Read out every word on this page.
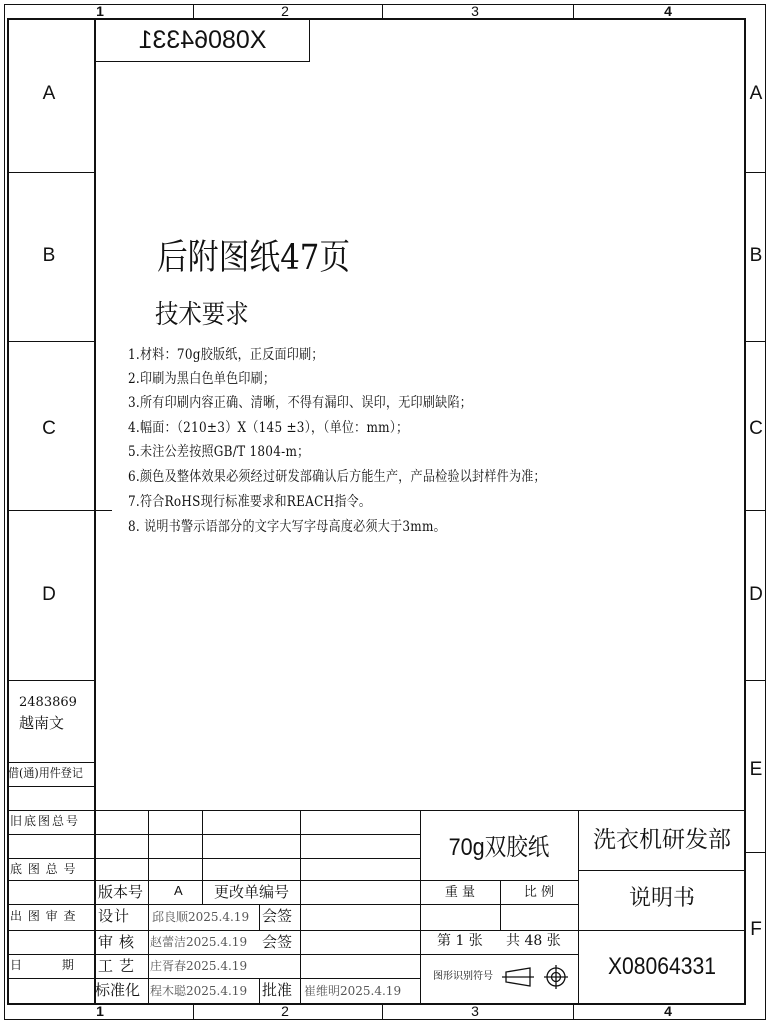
1	2	3	4
1	2	3	4
A
B
C
D
A
B
C
D
E
F
X08064331
后附图纸47页
技术要求
1.材料：70g胶版纸，正反面印刷；
2.印刷为黑白色单色印刷；
3.所有印刷内容正确、清晰，不得有漏印、误印，无印刷缺陷；
4.幅面：（210±3）X（145 ±3），（单位：mm）；
5.未注公差按照GB/T 1804-m；
6.颜色及整体效果必须经过研发部确认后方能生产，产品检验以封样件为准；
7.符合RoHS现行标准要求和REACH指令。
8. 说明书警示语部分的文字大写字母高度必须大于3mm。
2483869
越南文
借(通)用件登记
旧底图总号
底 图 总 号
出 图 审 查
日 期
版本号 A 更改单编号
设计 邱良顺2025.4.19 会签
审核 赵蕾洁2025.4.19 会签
工艺 庄胥春2025.4.19
标准化 程木聪2025.4.19 批准 崔维明2025.4.19
70g双胶纸
重 量	比 例
第 1 张 共 48 张
图形识别符号
洗衣机研发部
说明书
X08064331
